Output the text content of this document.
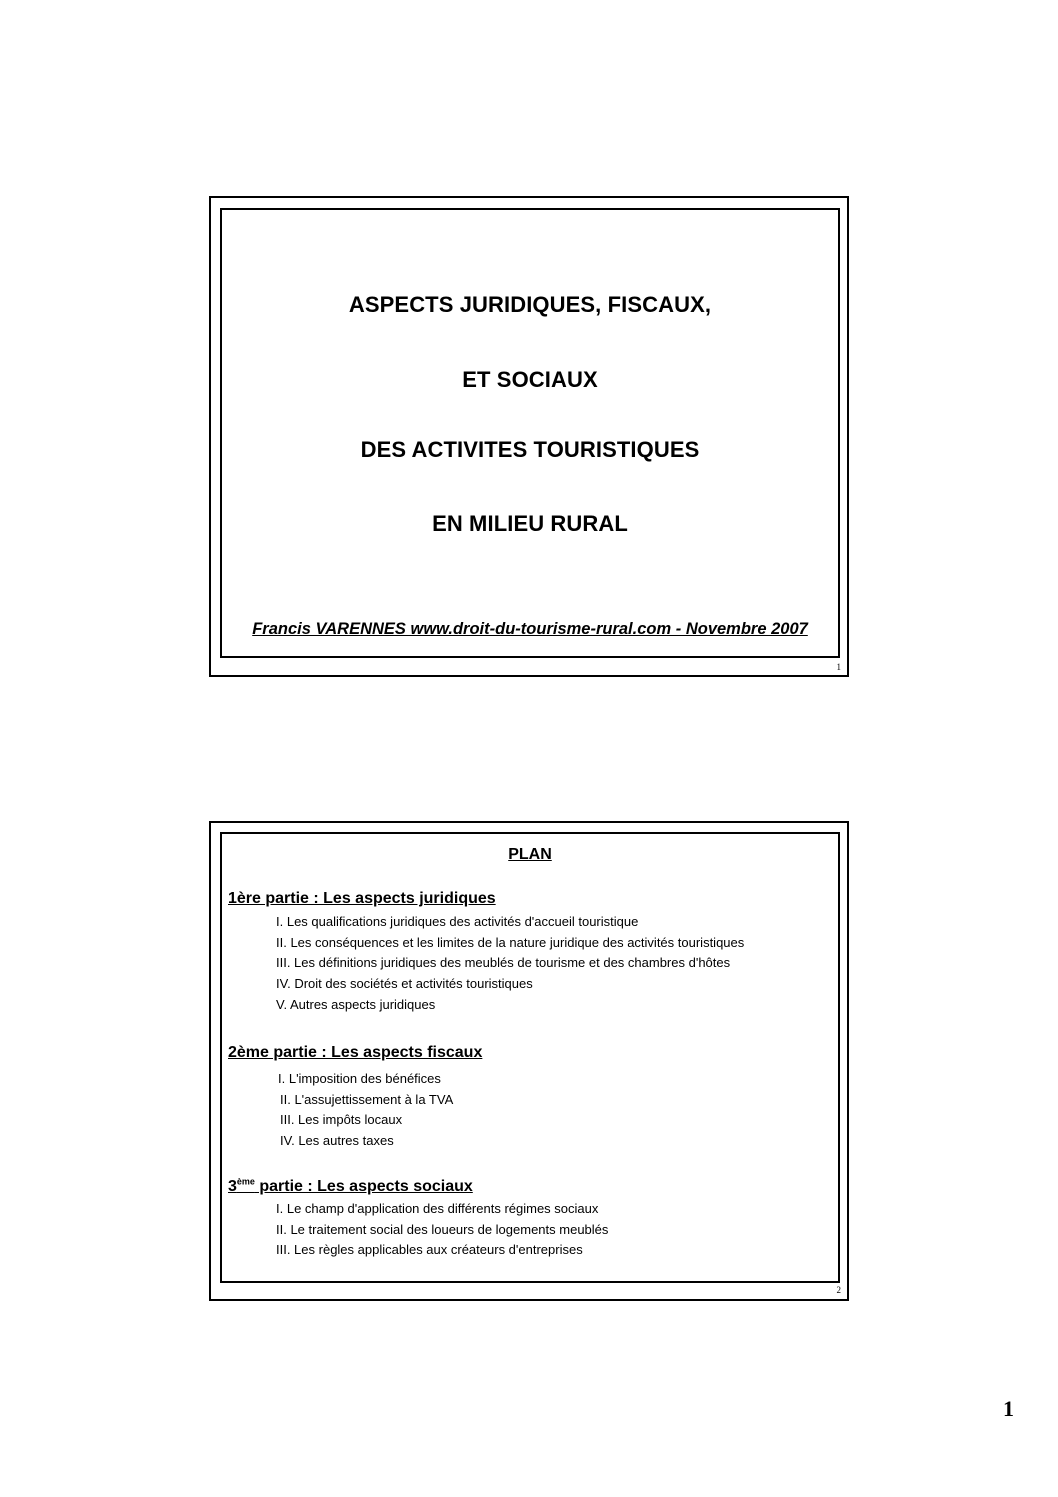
ASPECTS JURIDIQUES, FISCAUX,
ET SOCIAUX
DES ACTIVITES TOURISTIQUES
EN MILIEU RURAL
Francis VARENNES www.droit-du-tourisme-rural.com - Novembre 2007
1
PLAN
1ère partie : Les aspects juridiques
I. Les qualifications juridiques des activités d'accueil touristique
II. Les conséquences et les limites de la nature juridique des activités touristiques
III. Les définitions juridiques des meublés de tourisme et des chambres d'hôtes
IV. Droit des sociétés et activités touristiques
V. Autres aspects juridiques
2ème partie : Les aspects fiscaux
I. L'imposition des bénéfices
II. L'assujettissement à la TVA
III. Les impôts locaux
IV. Les autres taxes
3ème partie : Les aspects sociaux
I. Le champ d'application des différents régimes sociaux
II. Le traitement social des loueurs de logements meublés
III. Les règles applicables aux créateurs d'entreprises
2
1
